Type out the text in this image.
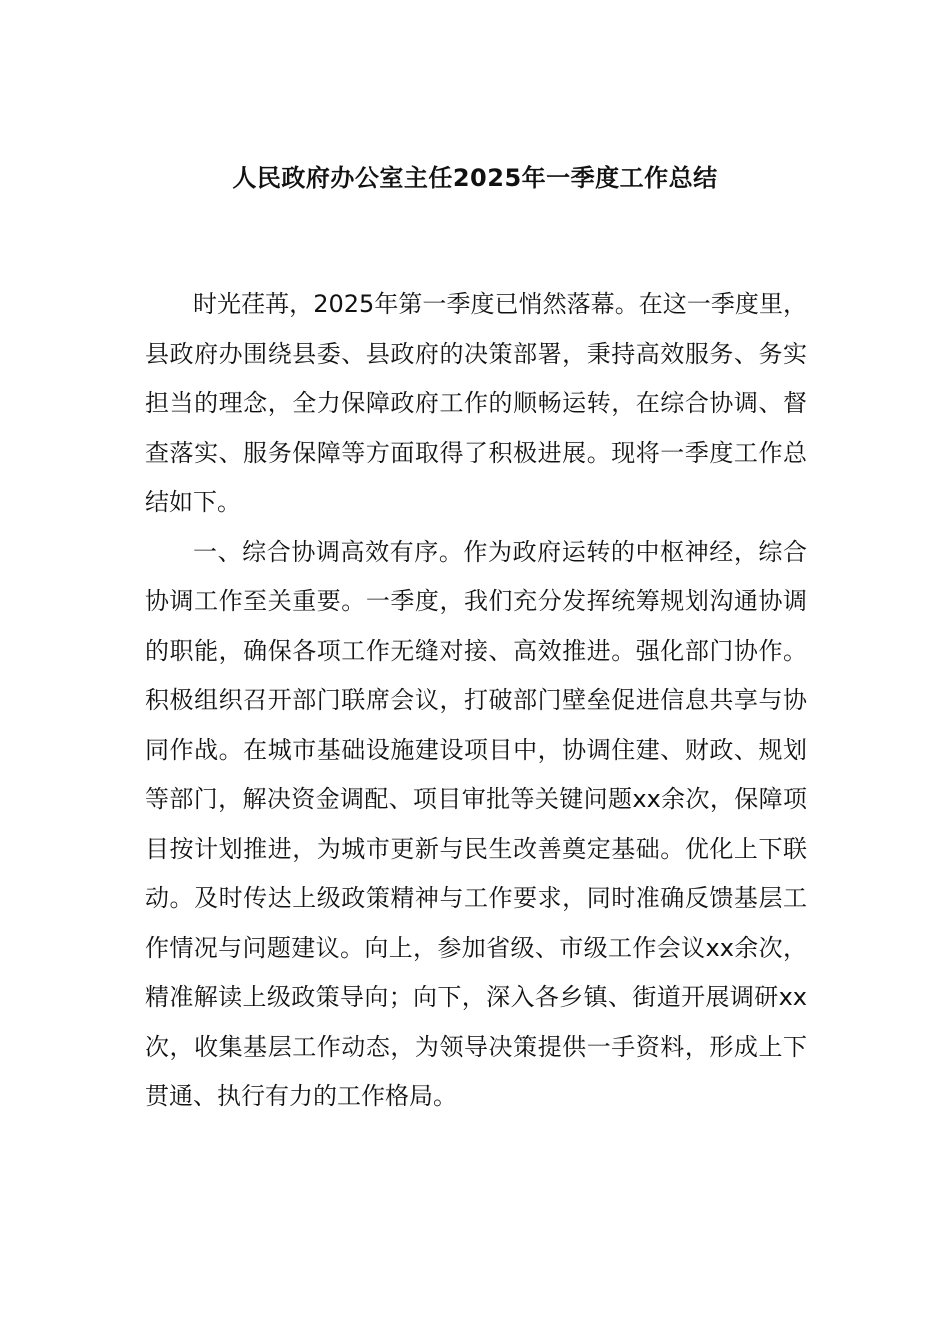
人民政府办公室主任2025年一季度工作总结

时光荏苒，2025年第一季度已悄然落幕。在这一季度里，县政府办围绕县委、县政府的决策部署，秉持高效服务、务实担当的理念，全力保障政府工作的顺畅运转，在综合协调、督查落实、服务保障等方面取得了积极进展。现将一季度工作总结如下。

一、综合协调高效有序。作为政府运转的中枢神经，综合协调工作至关重要。一季度，我们充分发挥统筹规划沟通协调的职能，确保各项工作无缝对接、高效推进。强化部门协作。积极组织召开部门联席会议，打破部门壁垒促进信息共享与协同作战。在城市基础设施建设项目中，协调住建、财政、规划等部门，解决资金调配、项目审批等关键问题xx余次，保障项目按计划推进，为城市更新与民生改善奠定基础。优化上下联动。及时传达上级政策精神与工作要求，同时准确反馈基层工作情况与问题建议。向上，参加省级、市级工作会议xx余次，精准解读上级政策导向；向下，深入各乡镇、街道开展调研xx次，收集基层工作动态，为领导决策提供一手资料，形成上下贯通、执行有力的工作格局。
